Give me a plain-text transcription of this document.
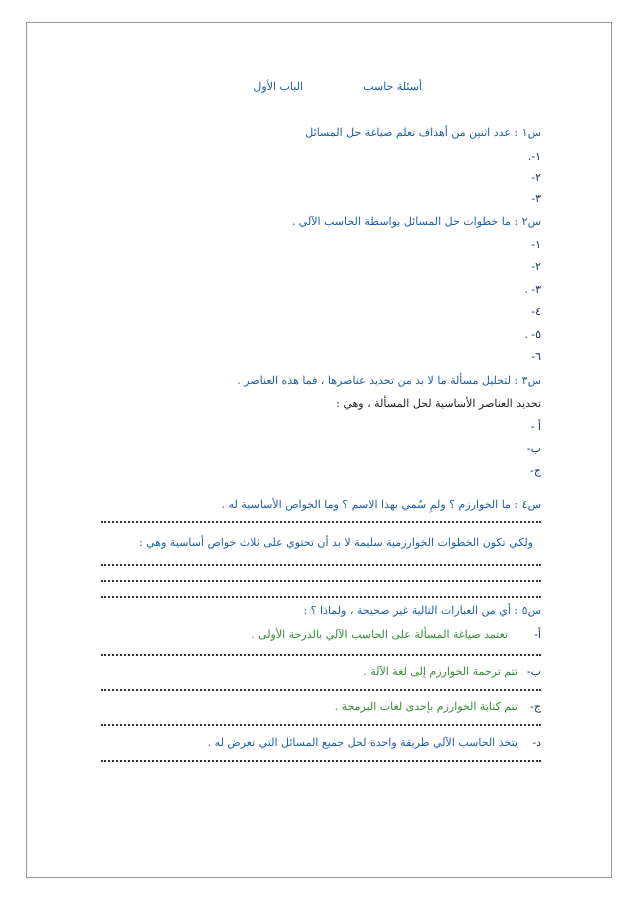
أسئلة حاسب
الباب الأول
س١ : عدد اثنين من أهداف تعلم صياغة حل المسائل
١-.
٢-
٣-
س٢ : ما خطوات حل المسائل بواسطة الحاسب الآلي .
١-
٢-
٣- .
٤-
٥- .
٦-
س٣ : لتحليل مسألة ما لا بد من تحديد عناصرها ، فما هذه العناصر .
تحديد العناصر الأساسية لحل المسألة ، وهي :
أ -
ب-
ج-
س٤ : ما الخوارزم ؟ ولمِ سُمي بهذا الاسم ؟ وما الخواص الأساسية له .
ولكي تكون الخطوات الخوارزمية سليمة لا بد أن تحتوي على ثلاث خواص أساسية وهي :
س٥ : أي من العبارات التالية غير صحيحة ، ولماذا ؟ :
أ-
تعتمد صياغة المسألة على الحاسب الآلي بالدرجة الأولى .
ب-
تتم ترجمة الخوارزم إلى لغة الآلة .
ج-
تتم كتابة الخوارزم بإحدى لغات البرمجة .
د-
يتخذ الحاسب الآلي طريقة واحدة لحل جميع المسائل التي تعرض له .
